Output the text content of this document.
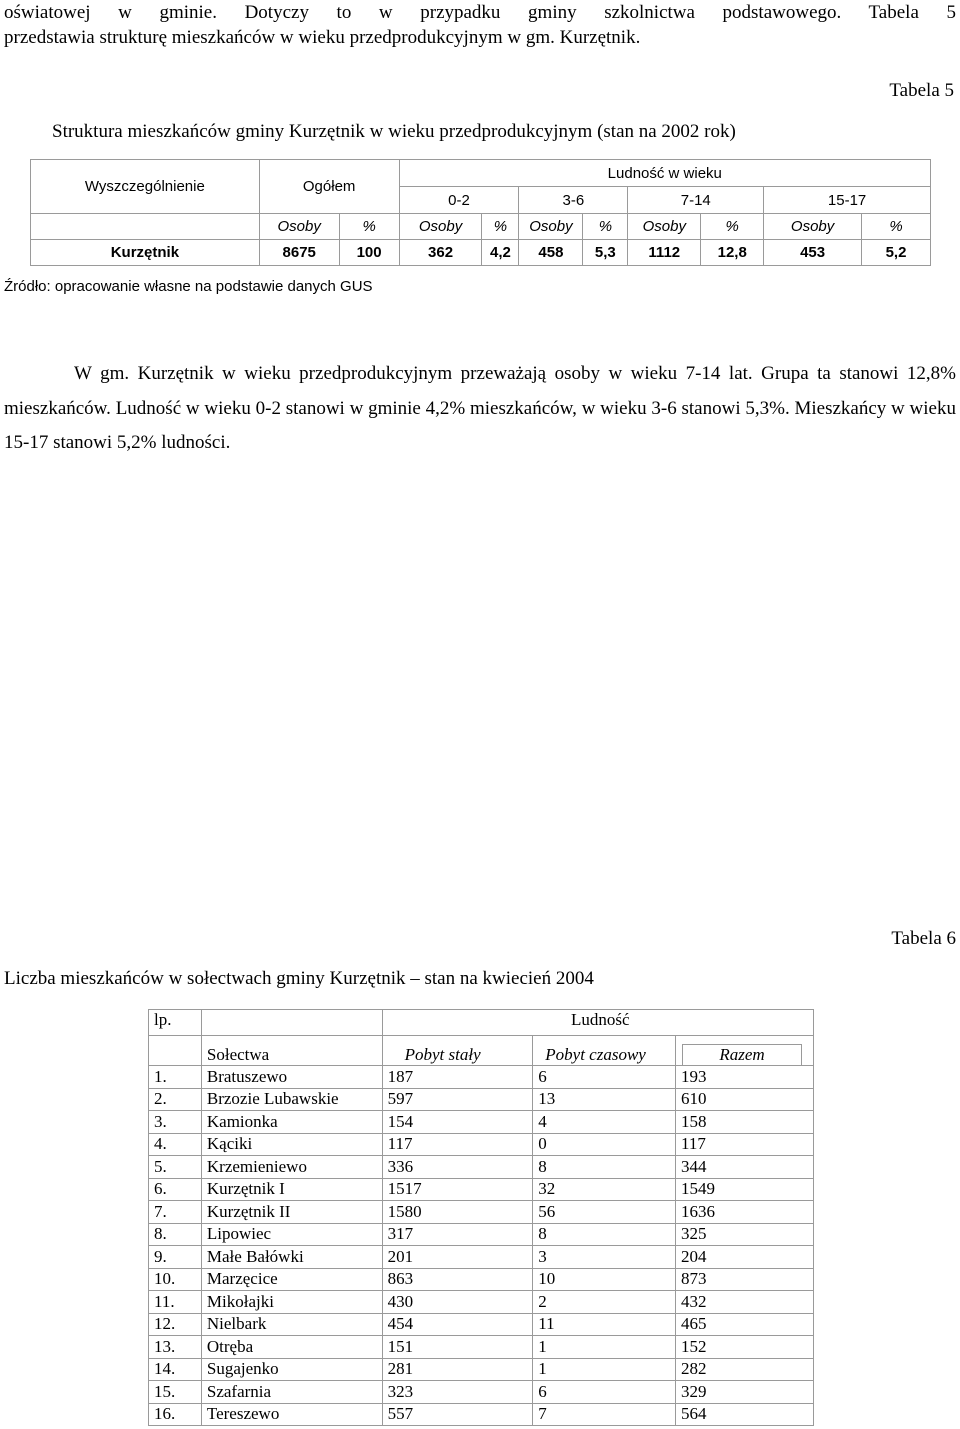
oświatowej w gminie. Dotyczy to w przypadku gminy szkolnictwa podstawowego. Tabela 5

przedstawia strukturę mieszkańców w wieku przedprodukcyjnym w gm. Kurzętnik.

Tabela 5
Struktura mieszkańców gminy Kurzętnik w wieku przedprodukcyjnym (stan na 2002 rok)
Wyszczególnienie	Ogółem		Ludność w wieku							
			0-2		3-6		7-14		15-17	
	Osoby	%	Osoby	%	Osoby	%	Osoby	%	Osoby	%
Kurzętnik	8675	100	362	4,2	458	5,3	1112	12,8	453	5,2
Źródło: opracowanie własne na podstawie danych GUS

W gm. Kurzętnik w wieku przedprodukcyjnym przeważają osoby w wieku 7-14 lat. Grupa ta stanowi 12,8% mieszkańców. Ludność w wieku 0-2 stanowi w gminie 4,2% mieszkańców, w wieku 3-6 stanowi 5,3%. Mieszkańcy w wieku 15-17 stanowi 5,2% ludności.

Tabela 6
Liczba mieszkańców w sołectwach gminy Kurzętnik – stan na kwiecień 2004
lp.		Ludność		
	Sołectwa	Pobyt stały	Pobyt czasowy	Razem
1.	Bratuszewo	187	6	193
2.	Brzozie Lubawskie	597	13	610
3.	Kamionka	154	4	158
4.	Kąciki	117	0	117
5.	Krzemieniewo	336	8	344
6.	Kurzętnik I	1517	32	1549
7.	Kurzętnik II	1580	56	1636
8.	Lipowiec	317	8	325
9.	Małe Bałówki	201	3	204
10.	Marzęcice	863	10	873
11.	Mikołajki	430	2	432
12.	Nielbark	454	11	465
13.	Otręba	151	1	152
14.	Sugajenko	281	1	282
15.	Szafarnia	323	6	329
16.	Tereszewo	557	7	564
